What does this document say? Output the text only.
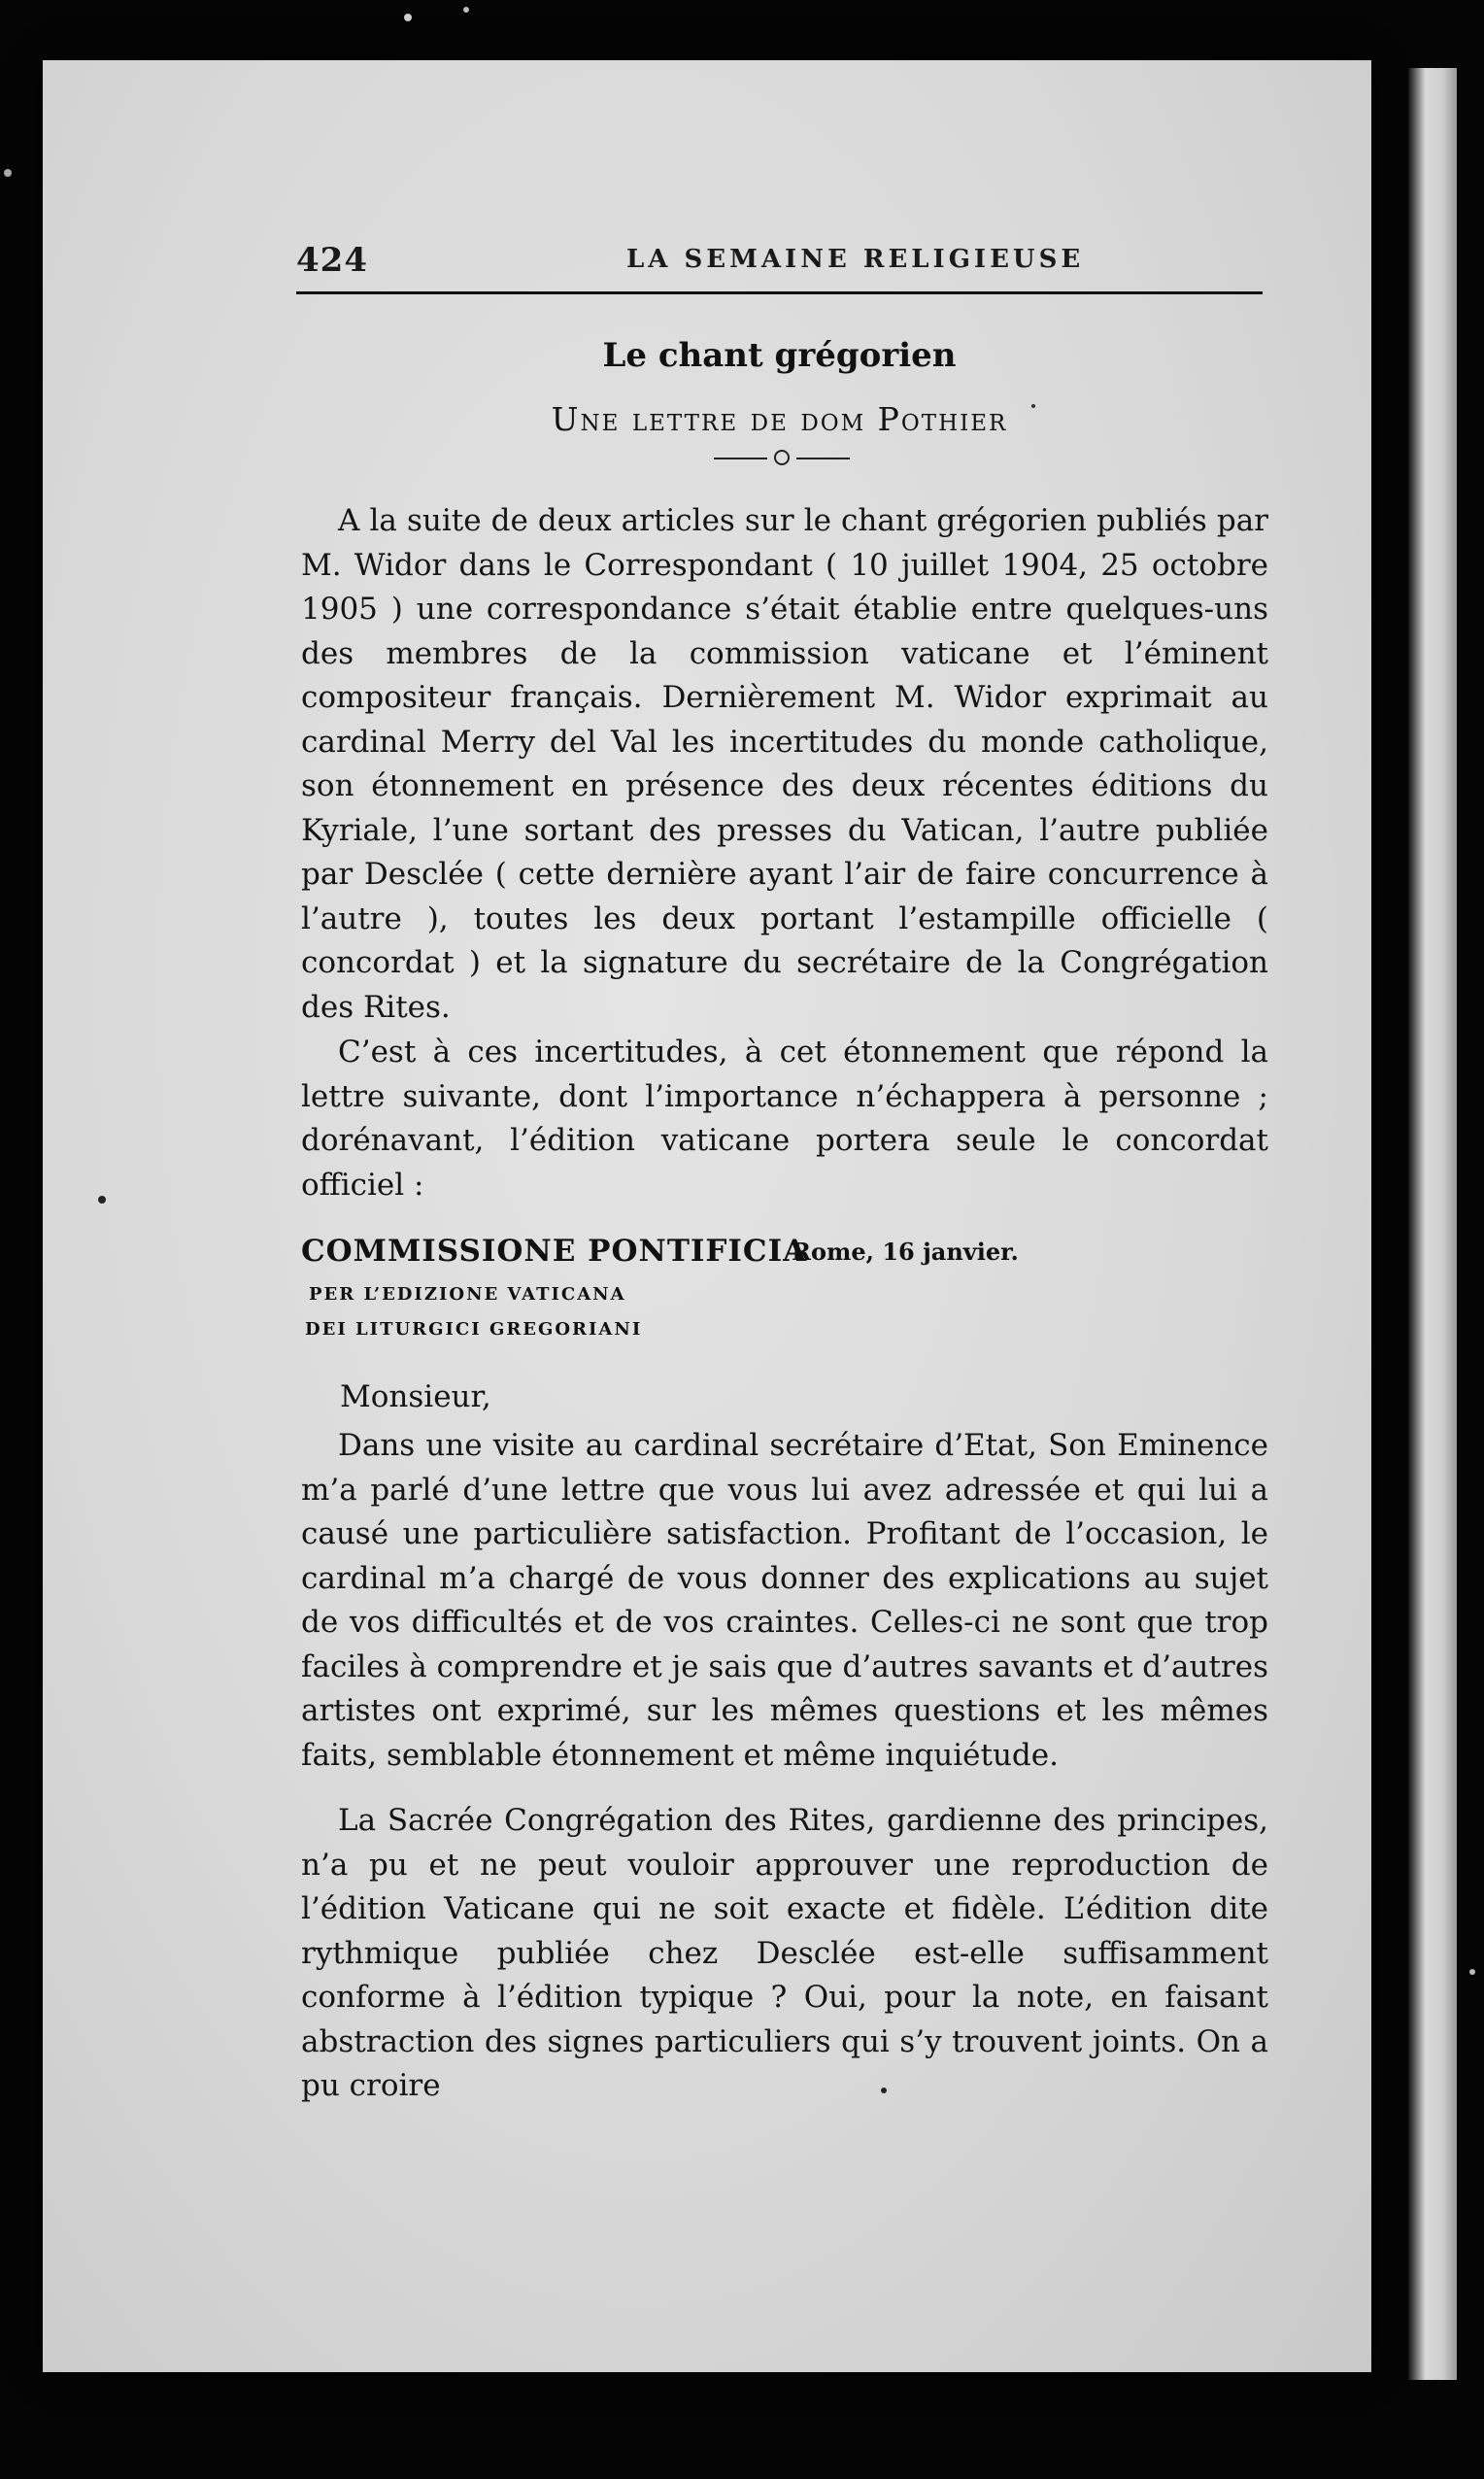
424	LA SEMAINE RELIGIEUSE
Le chant grégorien
Une lettre de dom Pothier

A la suite de deux articles sur le chant grégorien publiés par M. Widor dans le Correspondant ( 10 juillet 1904, 25 octobre 1905 ) une correspondance s’était établie entre quelques-uns des membres de la commission vaticane et l’éminent compositeur français. Dernièrement M. Widor exprimait au cardinal Merry del Val les incertitudes du monde catholique, son étonnement en présence des deux récentes éditions du Kyriale, l’une sortant des presses du Vatican, l’autre publiée par Desclée ( cette dernière ayant l’air de faire concurrence à l’autre ), toutes les deux portant l’estampille officielle ( concordat ) et la signature du secrétaire de la Congrégation des Rites.

C’est à ces incertitudes, à cet étonnement que répond la lettre suivante, dont l’importance n’échappera à personne ; dorénavant, l’édition vaticane portera seule le concordat officiel :

COMMISSIONE PONTIFICIA
Rome, 16 janvier.
PER L’EDIZIONE VATICANA
DEI LITURGICI GREGORIANI
Monsieur,

Dans une visite au cardinal secrétaire d’Etat, Son Eminence m’a parlé d’une lettre que vous lui avez adressée et qui lui a causé une particulière satisfaction. Profitant de l’occasion, le cardinal m’a chargé de vous donner des explications au sujet de vos difficultés et de vos craintes. Celles-ci ne sont que trop faciles à comprendre et je sais que d’autres savants et d’autres artistes ont exprimé, sur les mêmes questions et les mêmes faits, semblable étonnement et même inquiétude.

La Sacrée Congrégation des Rites, gardienne des principes, n’a pu et ne peut vouloir approuver une reproduction de l’édition Vaticane qui ne soit exacte et fidèle. L’édition dite rythmique publiée chez Desclée est-elle suffisamment conforme à l’édition typique ? Oui, pour la note, en faisant abstraction des signes particuliers qui s’y trouvent joints. On a pu croire
